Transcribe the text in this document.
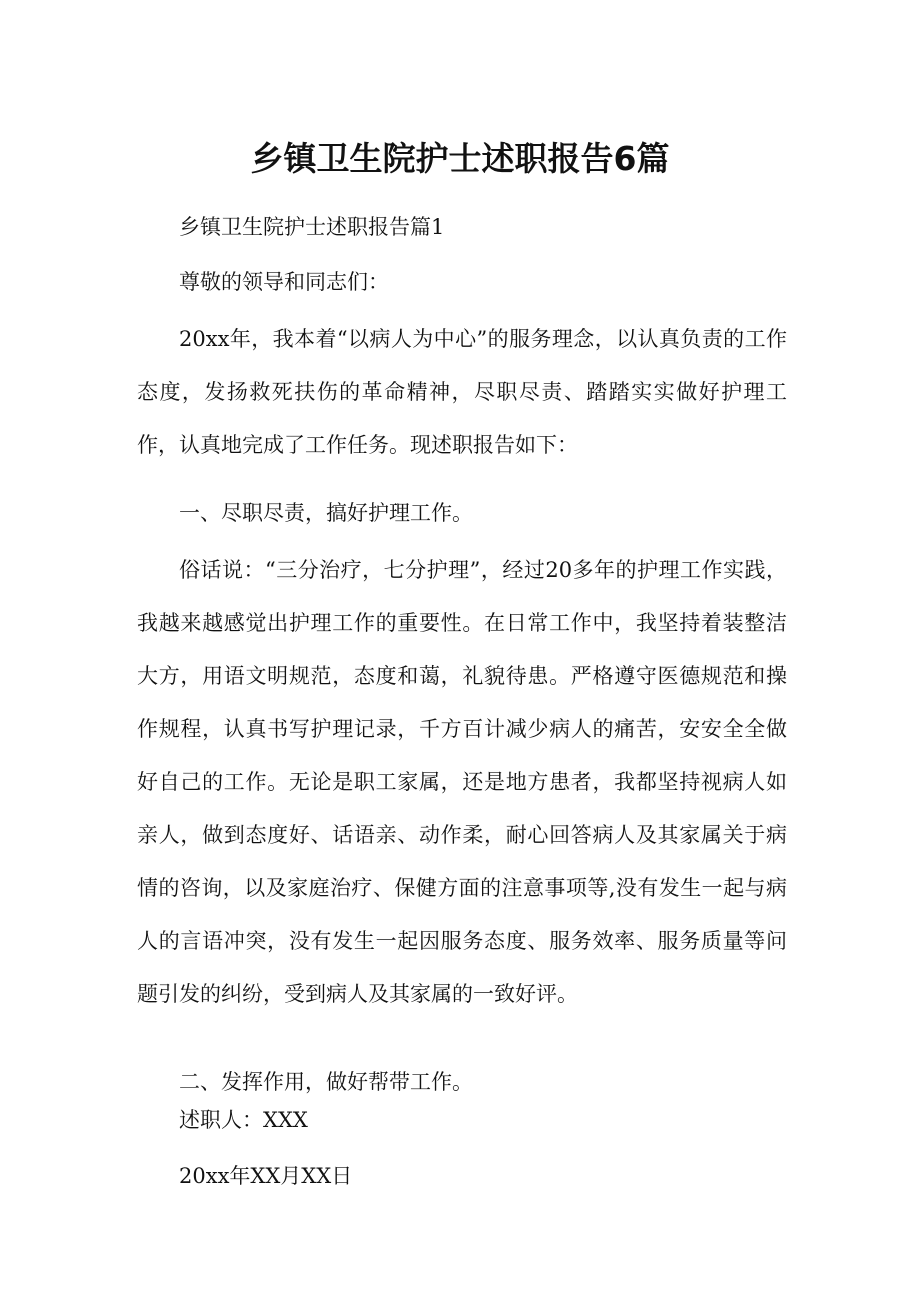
乡镇卫生院护士述职报告6篇

乡镇卫生院护士述职报告篇1

尊敬的领导和同志们：

20xx年，我本着“以病人为中心”的服务理念，以认真负责的工作态度，发扬救死扶伤的革命精神，尽职尽责、踏踏实实做好护理工作，认真地完成了工作任务。现述职报告如下：

一、尽职尽责，搞好护理工作。

俗话说：“三分治疗，七分护理”，经过20多年的护理工作实践，我越来越感觉出护理工作的重要性。在日常工作中，我坚持着装整洁大方，用语文明规范，态度和蔼，礼貌待患。严格遵守医德规范和操作规程，认真书写护理记录，千方百计减少病人的痛苦，安安全全做好自己的工作。无论是职工家属，还是地方患者，我都坚持视病人如亲人，做到态度好、话语亲、动作柔，耐心回答病人及其家属关于病情的咨询，以及家庭治疗、保健方面的注意事项等,没有发生一起与病人的言语冲突，没有发生一起因服务态度、服务效率、服务质量等问题引发的纠纷，受到病人及其家属的一致好评。

二、发挥作用，做好帮带工作。

述职人：XXX

20xx年XX月XX日
